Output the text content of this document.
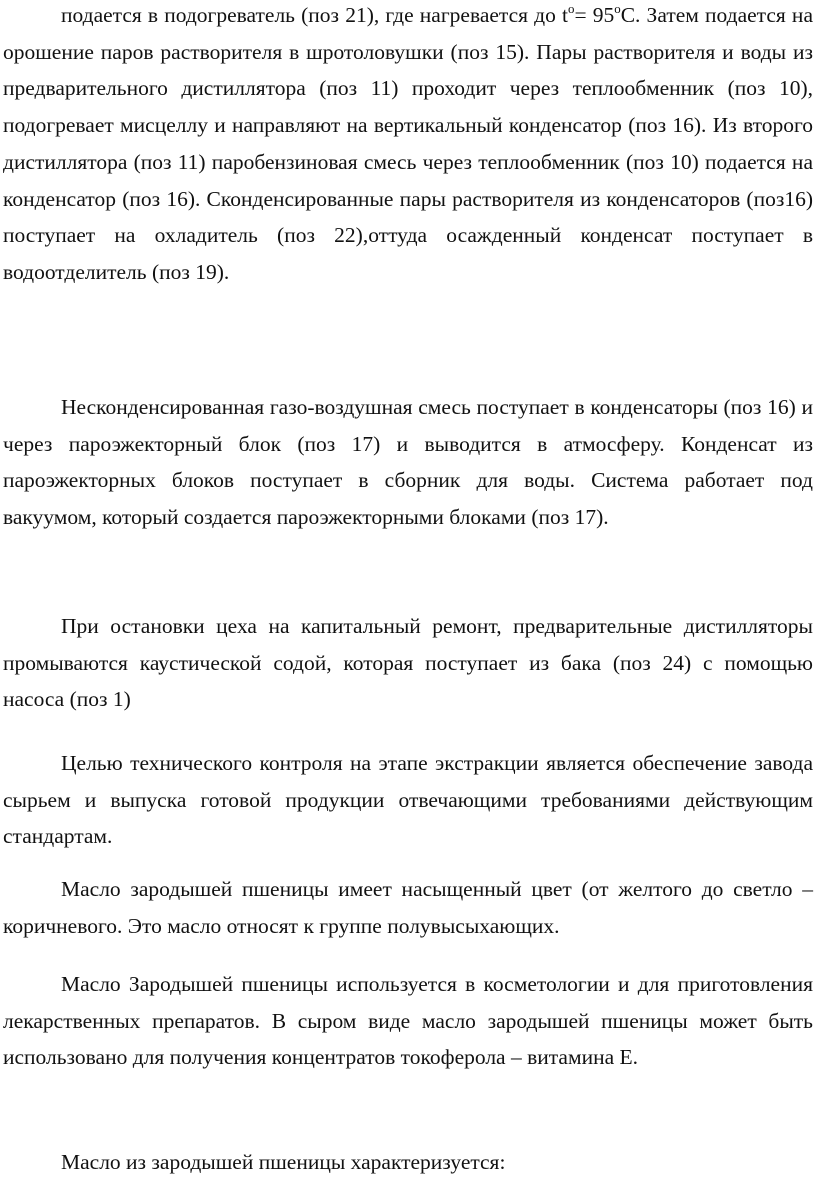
подается в подогреватель (поз 21), где нагревается до $t^о= 95^оС$. Затем подается на орошение паров растворителя в шротоловушки (поз 15). Пары растворителя и воды из предварительного дистиллятора (поз 11) проходит через теплообменник (поз 10), подогревает мисцеллу и направляют на вертикальный конденсатор (поз 16). Из второго дистиллятора (поз 11) паробензиновая смесь через теплообменник (поз 10) подается на конденсатор (поз 16). Сконденсированные пары растворителя из конденсаторов (поз16) поступает на охладитель (поз 22),оттуда осажденный конденсат поступает в водоотделитель (поз 19).

Несконденсированная газо-воздушная смесь поступает в конденсаторы (поз 16) и через пароэжекторный блок (поз 17) и выводится в атмосферу. Конденсат из пароэжекторных блоков поступает в сборник для воды. Система работает под вакуумом, который создается пароэжекторными блоками (поз 17).

При остановки цеха на капитальный ремонт, предварительные дистилляторы промываются каустической содой, которая поступает из бака (поз 24) с помощью насоса (поз 1)

Целью технического контроля на этапе экстракции является обеспечение завода сырьем и выпуска готовой продукции отвечающими требованиями действующим стандартам.

Масло зародышей пшеницы имеет насыщенный цвет (от желтого до светло – коричневого. Это масло относят к группе полувысыхающих.

Масло Зародышей пшеницы используется в косметологии и для приготовления лекарственных препаратов. В сыром виде масло зародышей пшеницы может быть использовано для получения концентратов токоферола – витамина Е.

Масло из зародышей пшеницы характеризуется:
